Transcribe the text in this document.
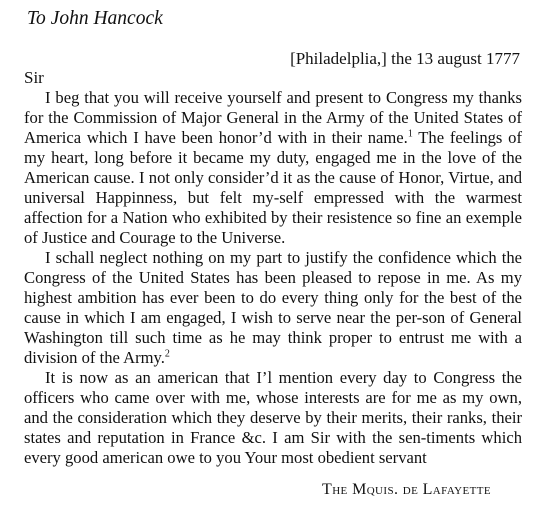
To John Hancock
[Philadelplia,] the 13 august 1777
Sir

I beg that you will receive yourself and present to Congress my thanks for the Commission of Major General in the Army of the United States of America which I have been honor’d with in their name.$^1$ The feelings of my heart, long before it became my duty, engaged me in the love of the American cause. I not only consider’d it as the cause of Honor, Virtue, and universal Happinness, but felt my-self empressed with the warmest affection for a Nation who exhibited by their resistence so fine an exemple of Justice and Courage to the Universe.

I schall neglect nothing on my part to justify the confidence which the Congress of the United States has been pleased to repose in me. As my highest ambition has ever been to do every thing only for the best of the cause in which I am engaged, I wish to serve near the per-son of General Washington till such time as he may think proper to entrust me with a division of the Army.$^2$

It is now as an american that I’l mention every day to Congress the officers who came over with me, whose interests are for me as my own, and the consideration which they deserve by their merits, their ranks, their states and reputation in France &c. I am Sir with the sen-timents which every good american owe to you Your most obedient servant

The Mquis. de Lafayette
